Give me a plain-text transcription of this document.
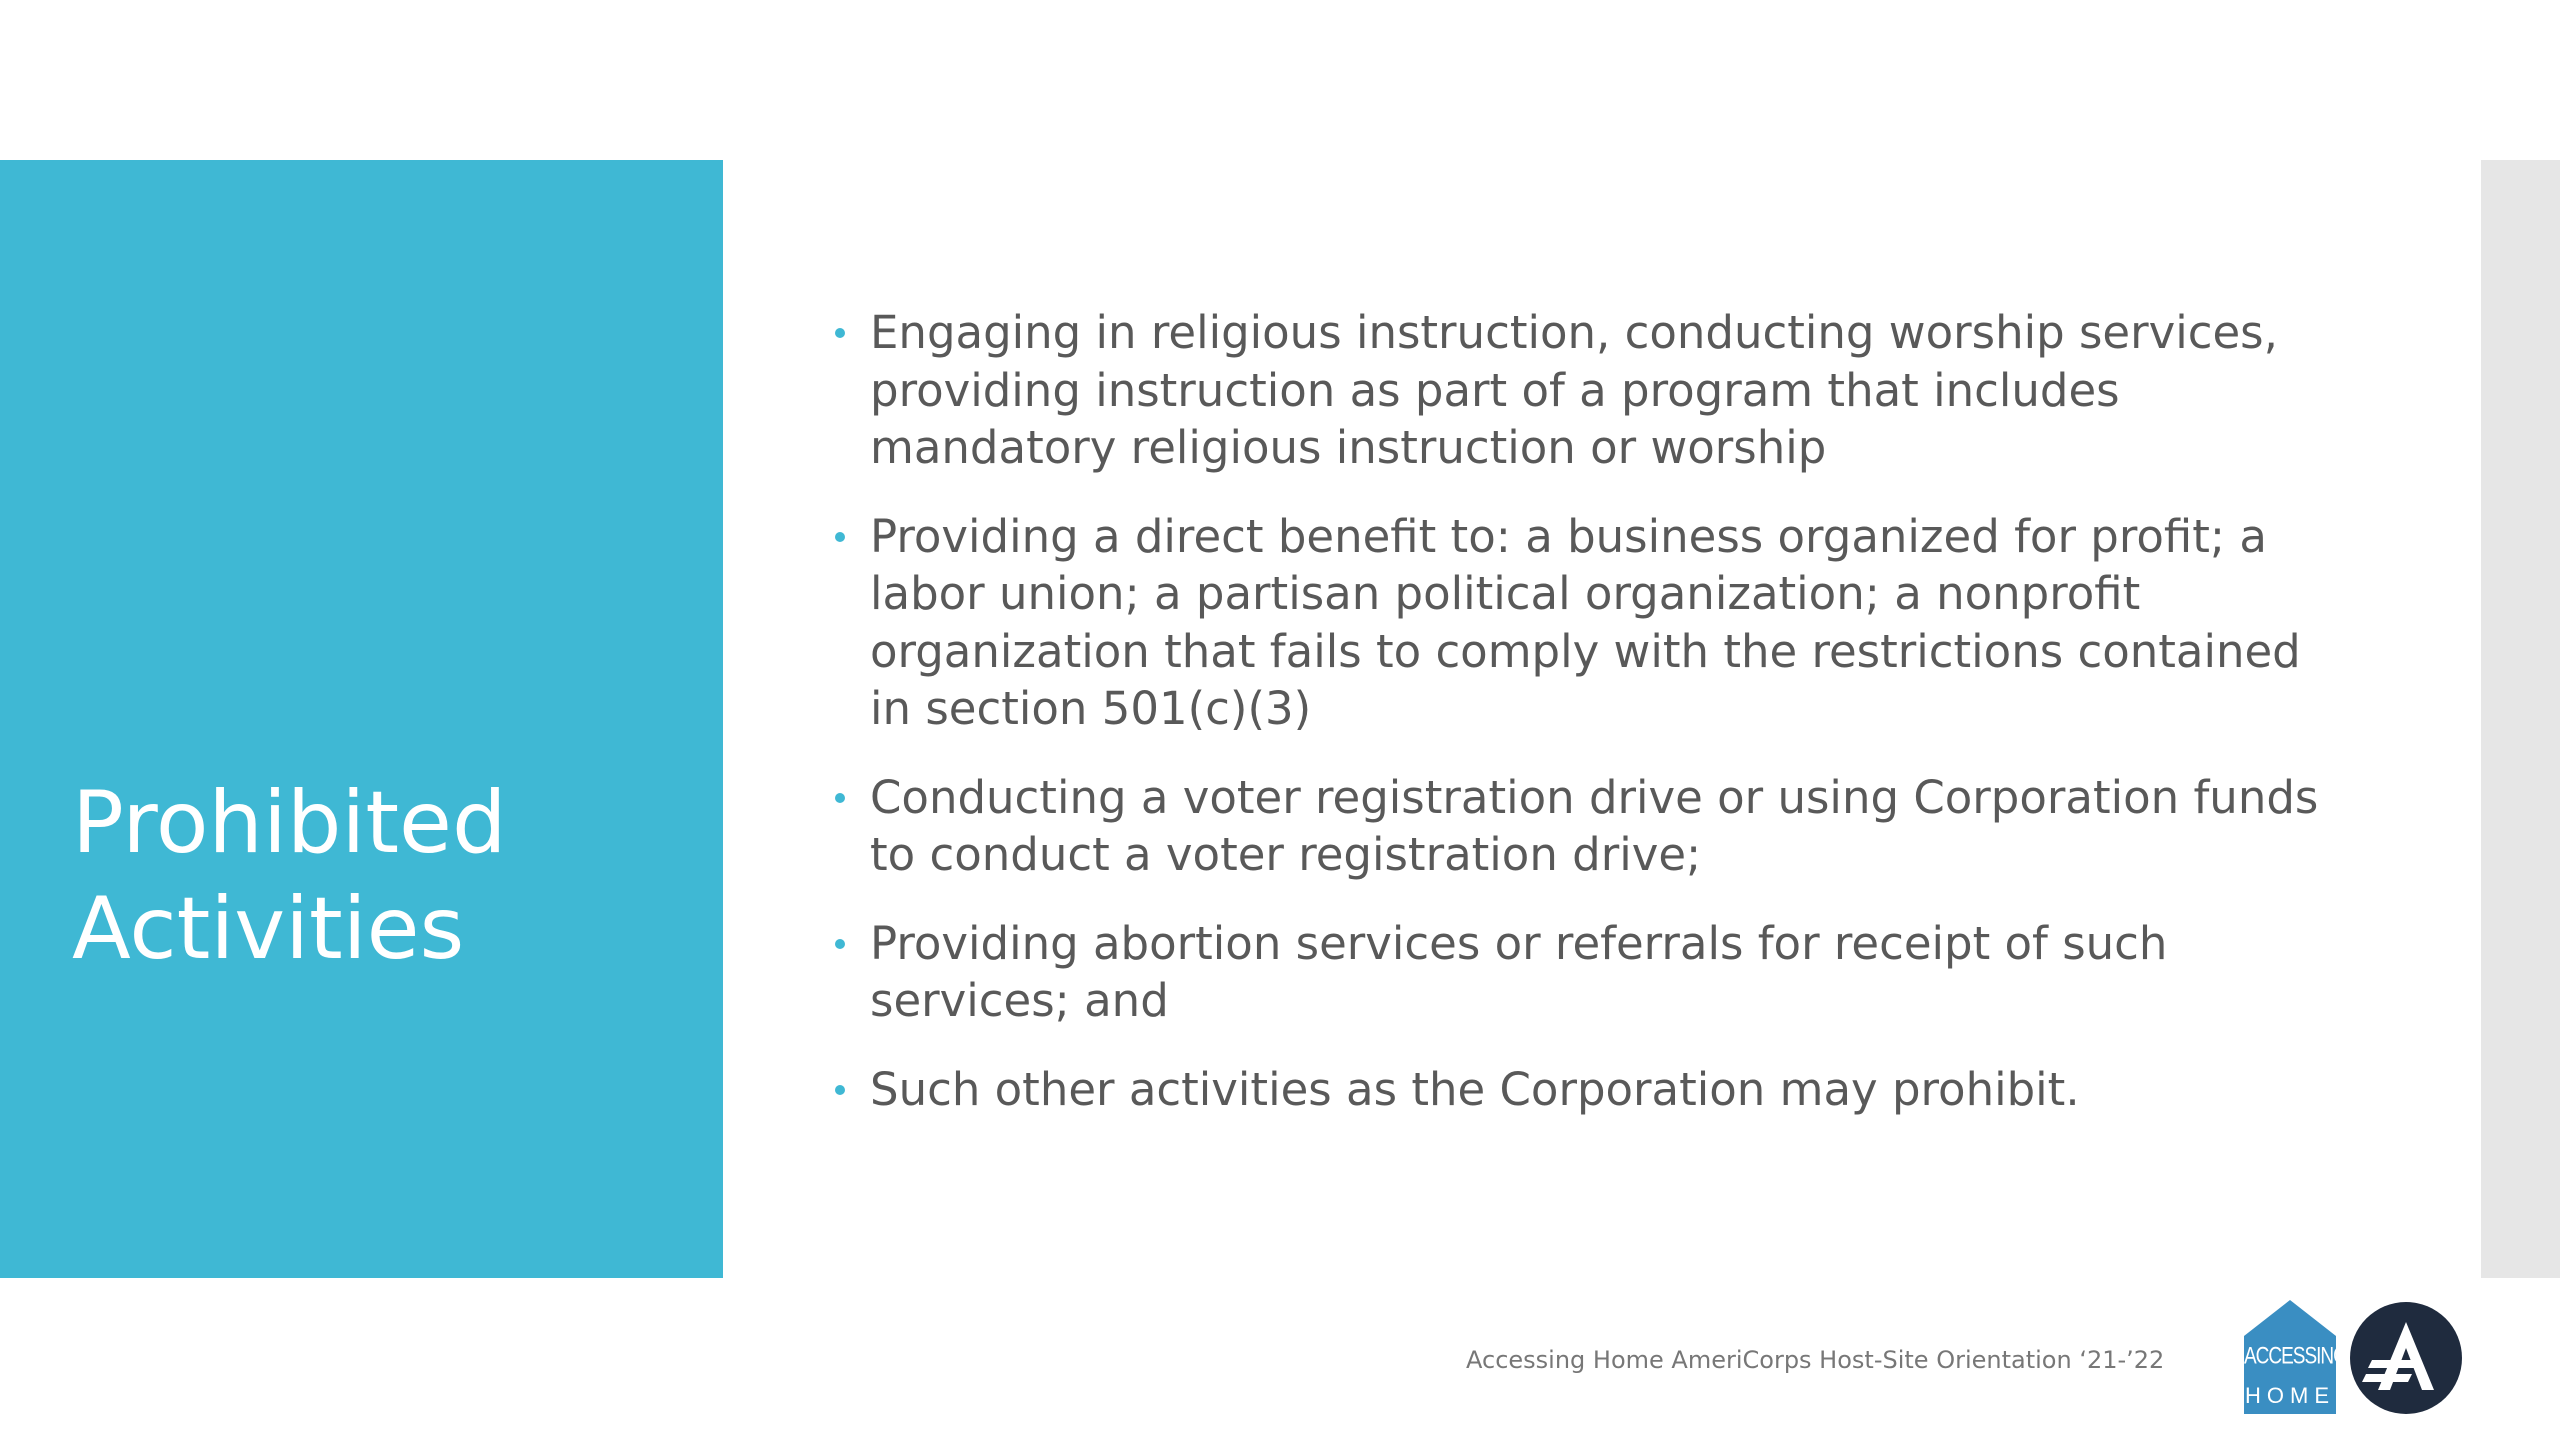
Prohibited Activities
Engaging in religious instruction, conducting worship services, providing instruction as part of a program that includes mandatory religious instruction or worship
Providing a direct benefit to: a business organized for profit; a labor union; a partisan political organization; a nonprofit organization that fails to comply with the restrictions contained in section 501(c)(3)
Conducting a voter registration drive or using Corporation funds to conduct a voter registration drive;
Providing abortion services or referrals for receipt of such services; and
Such other activities as the Corporation may prohibit.
Accessing Home AmeriCorps Host-Site Orientation ‘21-’22	ACCESSING
HOME
